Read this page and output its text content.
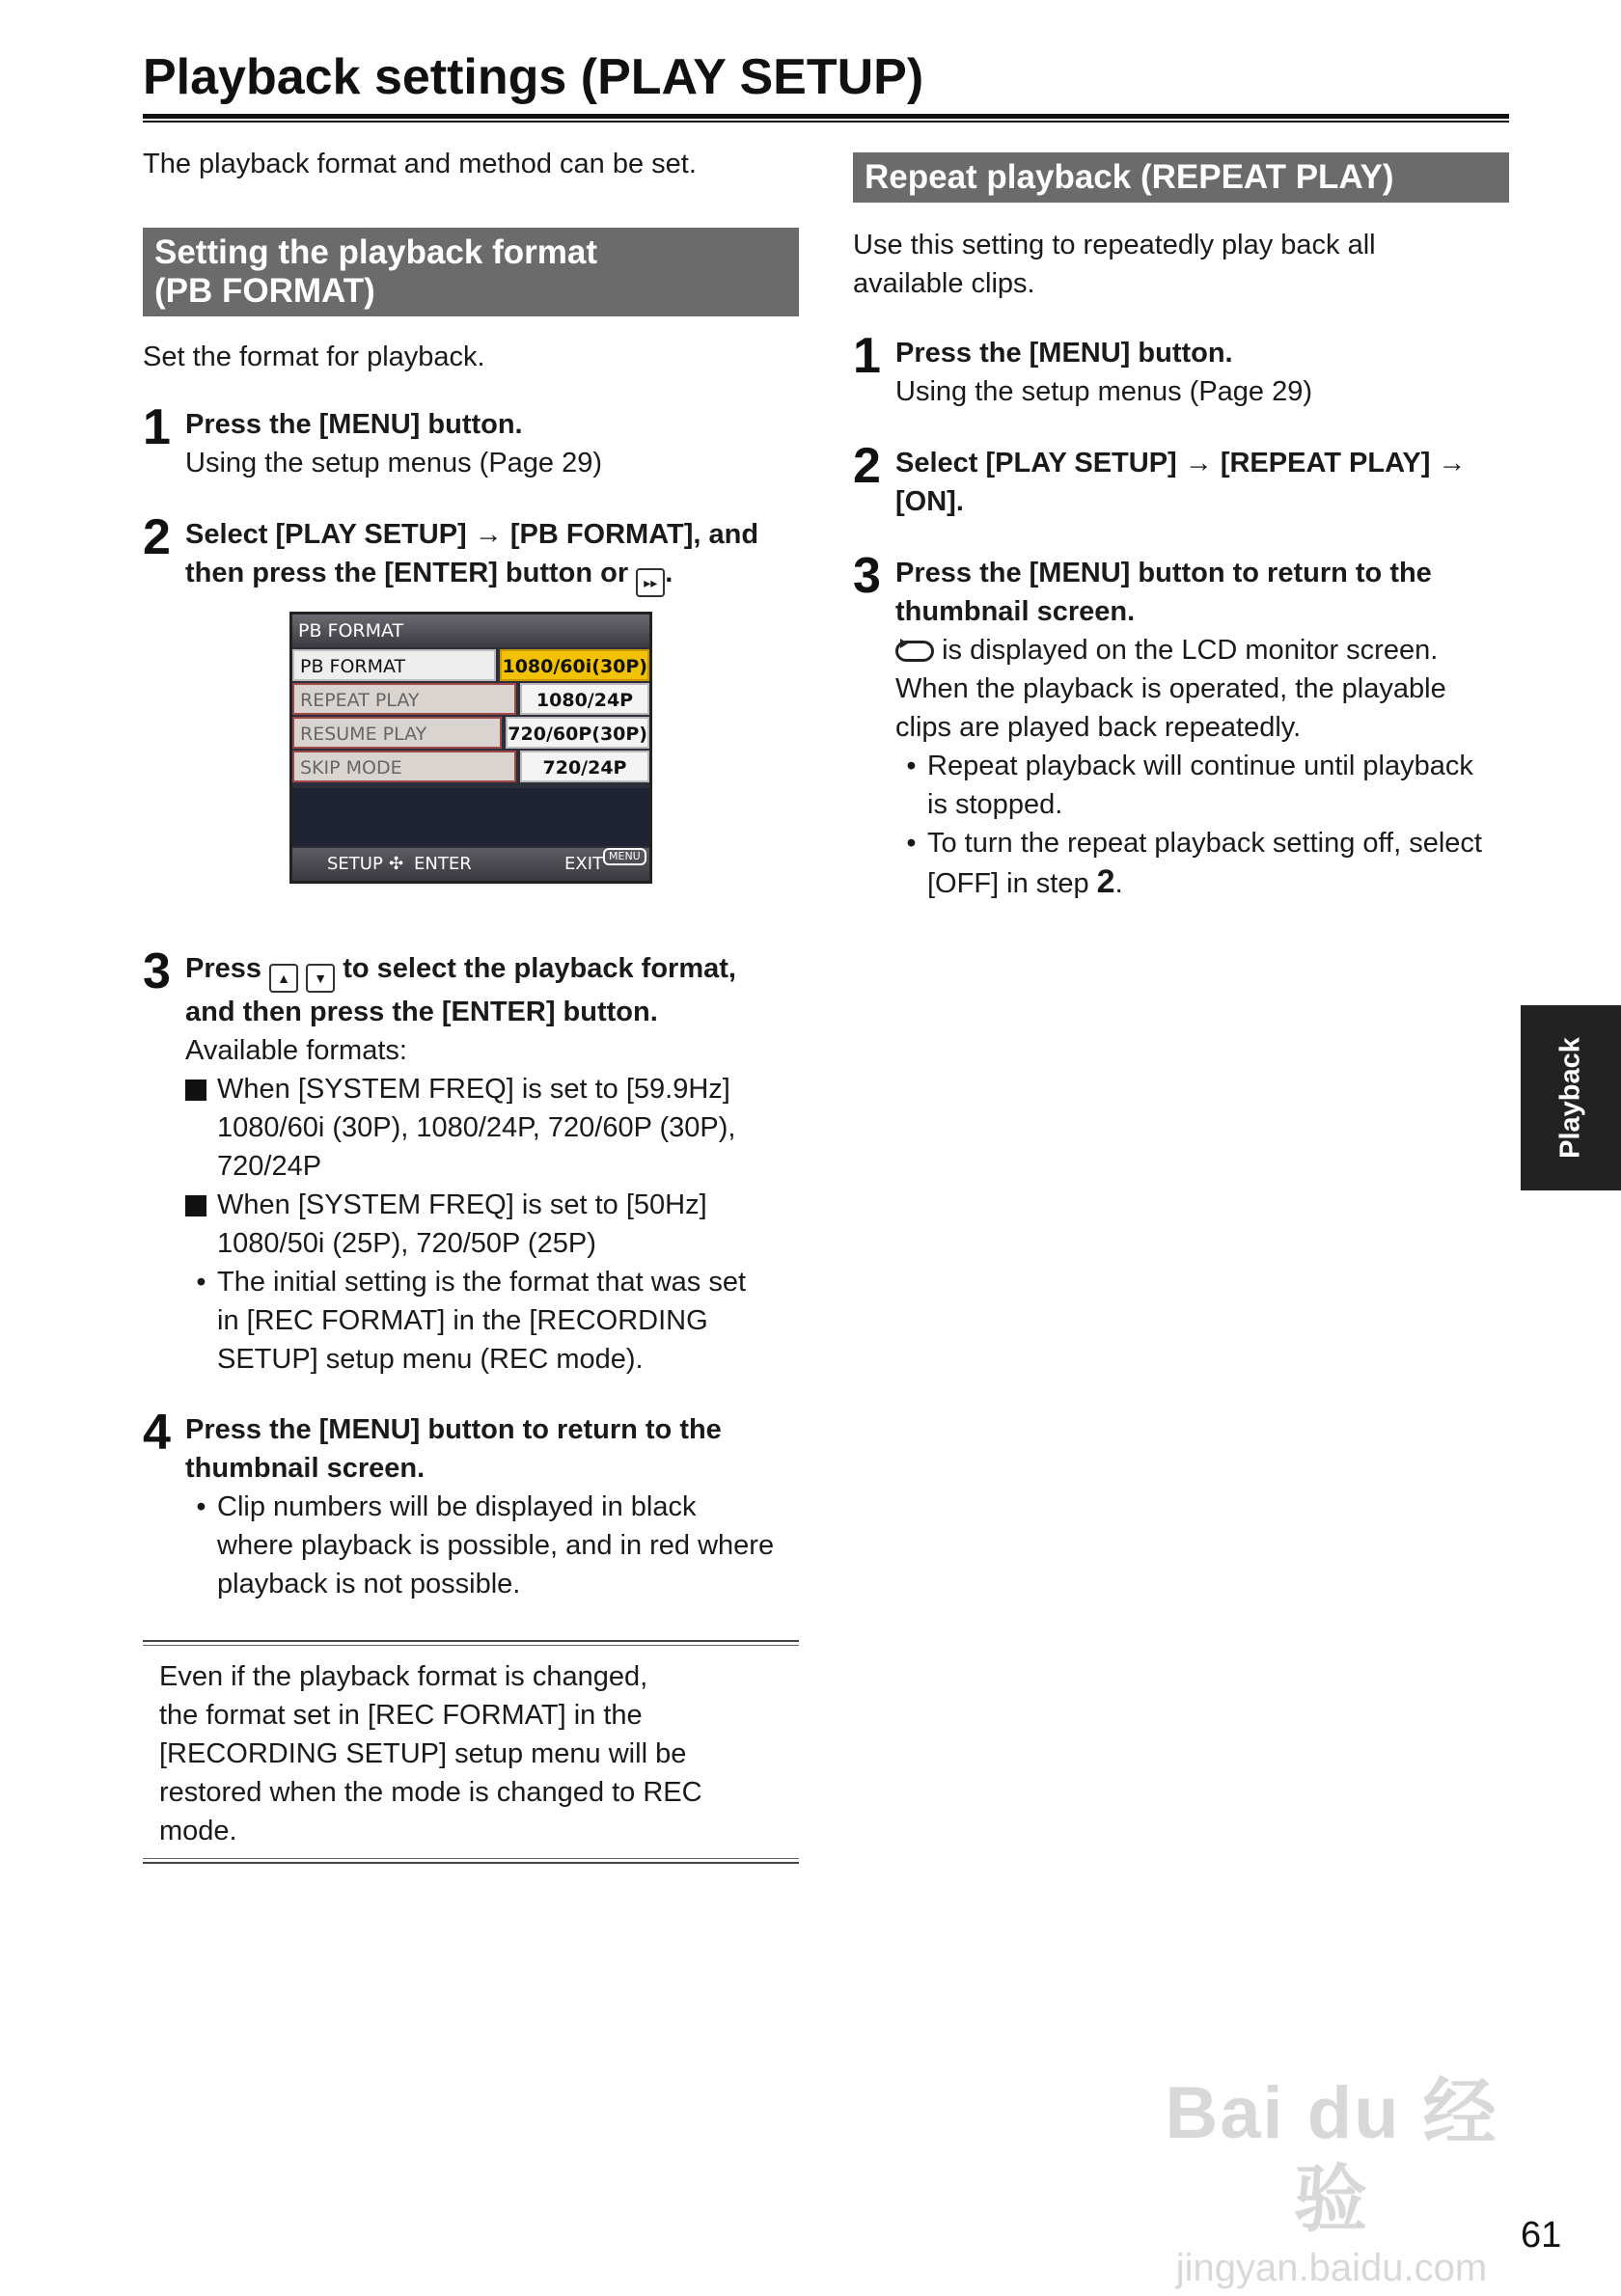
Playback settings (PLAY SETUP)

The playback format and method can be set.

Setting the playback format
(PB FORMAT)

Set the format for playback.

1 Press the [MENU] button.

Using the setup menus (Page 29)

2 Select [PLAY SETUP] → [PB FORMAT], and

then press the [ENTER] button or ▸▸ .

PB FORMAT
PB FORMAT	1080/60i(30P)
REPEAT PLAY	1080/24P
RESUME PLAY	720/60P(30P)
SKIP MODE	720/24P
SETUP ✣ ENTER	EXIT MENU
3 Press ▲ ▼ to select the playback format,

and then press the [ENTER] button.

Available formats:

When [SYSTEM FREQ] is set to [59.9Hz]
1080/60i (30P), 1080/24P, 720/60P (30P),
720/24P
When [SYSTEM FREQ] is set to [50Hz]
1080/50i (25P), 720/50P (25P)
• The initial setting is the format that was set
in [REC FORMAT] in the [RECORDING
SETUP] setup menu (REC mode).
4 Press the [MENU] button to return to the

thumbnail screen.

• Clip numbers will be displayed in black
where playback is possible, and in red where
playback is not possible.
Even if the playback format is changed,
the format set in [REC FORMAT] in the
[RECORDING SETUP] setup menu will be
restored when the mode is changed to REC
mode.
Repeat playback (REPEAT PLAY)
Use this setting to repeatedly play back all
available clips.
1 Press the [MENU] button.

Using the setup menus (Page 29)

2 Select [PLAY SETUP] → [REPEAT PLAY] →

[ON].

3 Press the [MENU] button to return to the

thumbnail screen.

is displayed on the LCD monitor screen.

When the playback is operated, the playable

clips are played back repeatedly.

• Repeat playback will continue until playback
is stopped.
• To turn the repeat playback setting off, select
[OFF] in step 2.
Playback
Bai du 经验
jingyan.baidu.com
61
